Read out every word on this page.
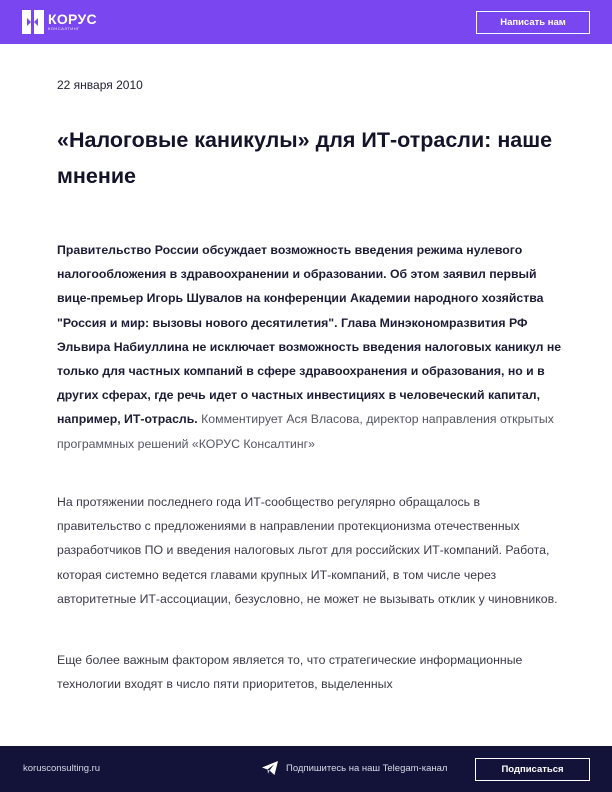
КОРУС
КОНСАЛТИНГ
Написать нам
22 января 2010
«Налоговые каникулы» для ИТ-отрасли: наше мнение
Правительство России обсуждает возможность введения режима нулевого налогообложения в здравоохранении и образовании. Об этом заявил первый вице-премьер Игорь Шувалов на конференции Академии народного хозяйства "Россия и мир: вызовы нового десятилетия". Глава Минэкономразвития РФ Эльвира Набиуллина не исключает возможность введения налоговых каникул не только для частных компаний в сфере здравоохранения и образования, но и в других сферах, где речь идет о частных инвестициях в человеческий капитал, например, ИТ-отрасль. Комментирует Ася Власова, директор направления открытых программных решений «КОРУС Консалтинг»

На протяжении последнего года ИТ-сообщество регулярно обращалось в правительство с предложениями в направлении протекционизма отечественных разработчиков ПО и введения налоговых льгот для российских ИТ-компаний. Работа, которая системно ведется главами крупных ИТ-компаний, в том числе через авторитетные ИТ-ассоциации, безусловно, не может не вызывать отклик у чиновников.

Еще более важным фактором является то, что стратегические информационные технологии входят в число пяти приоритетов, выделенных

korusconsulting.ru	Подпишитесь на наш Telegam-канал	Подписаться
